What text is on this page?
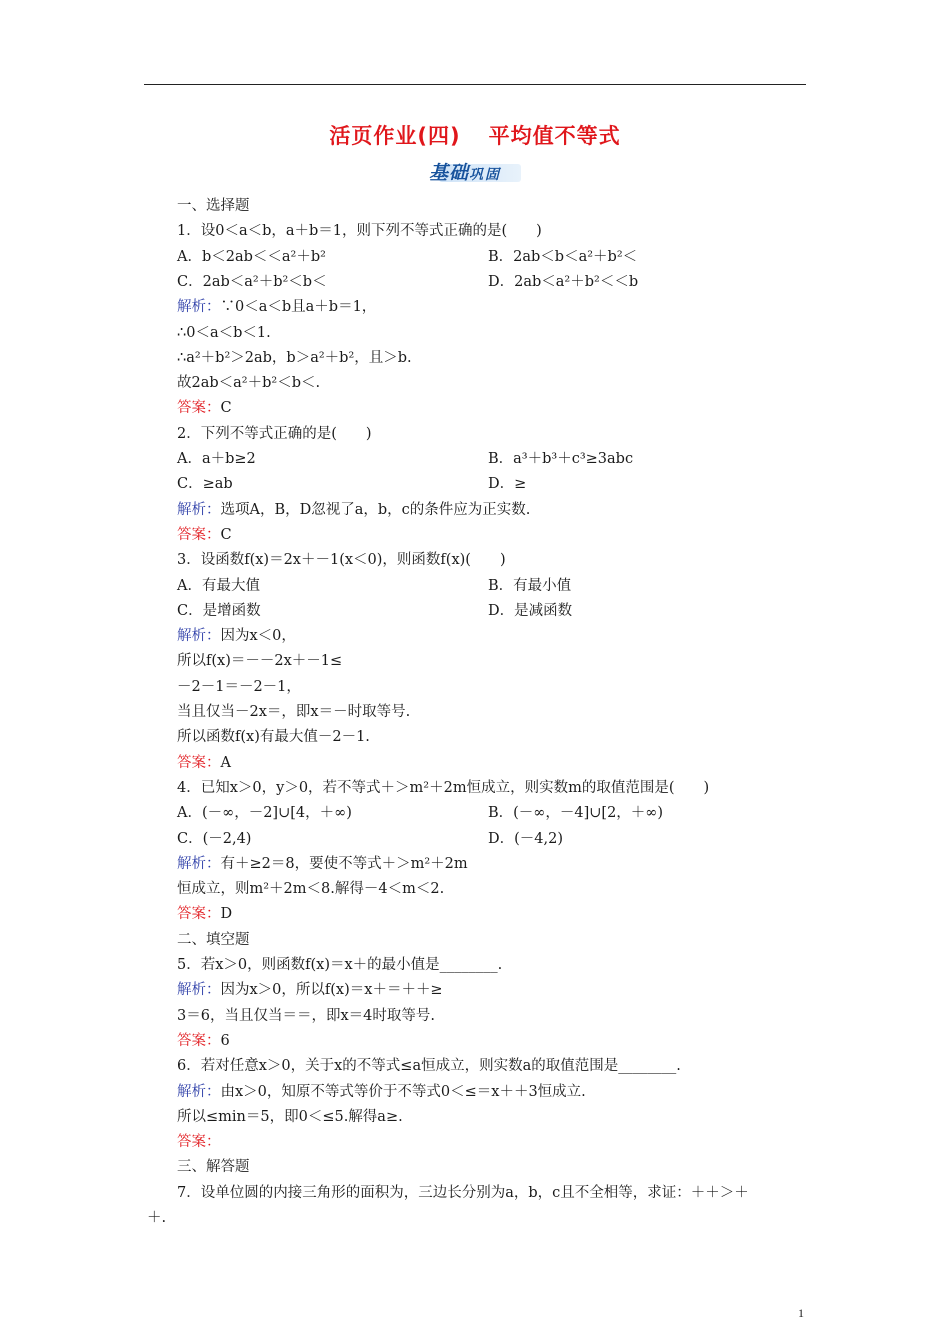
活页作业(四) 平均值不等式
基础巩固
一、选择题
1．设0＜a＜b，a＋b＝1，则下列不等式正确的是(　　)
A．b＜2ab＜＜a²＋b²	B．2ab＜b＜a²＋b²＜
C．2ab＜a²＋b²＜b＜	D．2ab＜a²＋b²＜＜b
解析：∵0＜a＜b且a＋b＝1，
∴0＜a＜b＜1.
∴a²＋b²＞2ab，b＞a²＋b²，且＞b.
故2ab＜a²＋b²＜b＜.
答案：C
2．下列不等式正确的是(　　)
A．a＋b≥2	B．a³＋b³＋c³≥3abc
C．≥ab	D．≥
解析：选项A，B，D忽视了a，b，c的条件应为正实数.
答案：C
3．设函数f(x)＝2x＋－1(x＜0)，则函数f(x)(　　)
A．有最大值	B．有最小值
C．是增函数	D．是减函数
解析：因为x＜0，
所以f(x)＝－－2x＋－1≤
－2－1＝－2－1，
当且仅当－2x＝，即x＝－时取等号.
所以函数f(x)有最大值－2－1.
答案：A
4．已知x＞0，y＞0，若不等式＋＞m²＋2m恒成立，则实数m的取值范围是(　　)
A．(－∞，－2]∪[4，＋∞)	B．(－∞，－4]∪[2，＋∞)
C．(－2,4)	D．(－4,2)
解析：有＋≥2＝8，要使不等式＋＞m²＋2m
恒成立，则m²＋2m＜8.解得－4＜m＜2.
答案：D
二、填空题
5．若x＞0，则函数f(x)＝x＋的最小值是________.
解析：因为x＞0，所以f(x)＝x＋＝＋＋≥
3＝6，当且仅当＝＝，即x＝4时取等号.
答案：6
6．若对任意x＞0，关于x的不等式≤a恒成立，则实数a的取值范围是________.
解析：由x＞0，知原不等式等价于不等式0＜≤＝x＋＋3恒成立.
所以≤min＝5，即0＜≤5.解得a≥.
答案：
三、解答题
7．设单位圆的内接三角形的面积为，三边长分别为a，b，c且不全相等，求证：＋＋＞＋
＋.
1
